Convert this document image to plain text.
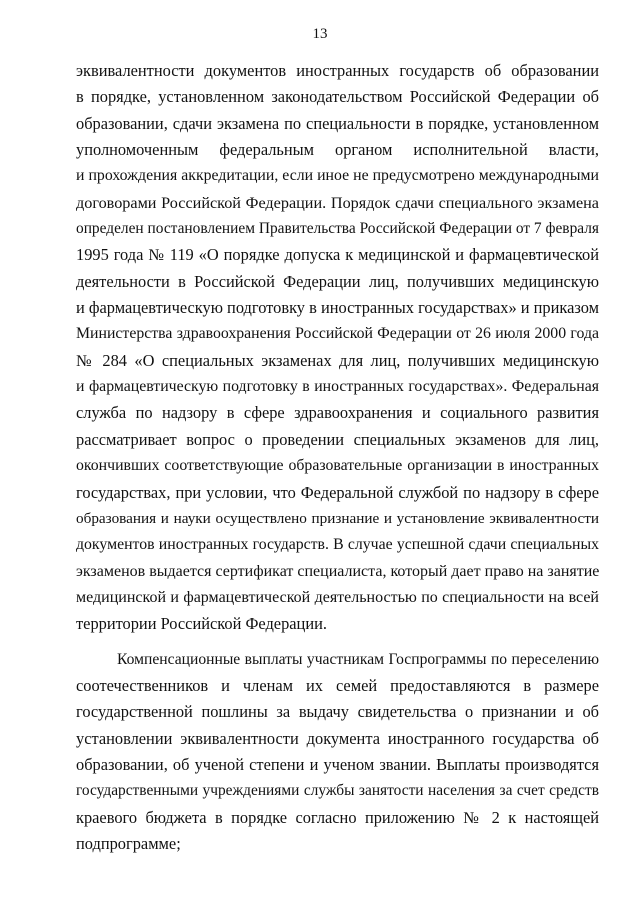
13
эквивалентности документов иностранных государств об образовании
в порядке, установленном законодательством Российской Федерации об
образовании, сдачи экзамена по специальности в порядке, установленном
уполномоченным федеральным органом исполнительной власти,
и прохождения аккредитации, если иное не предусмотрено международными
договорами Российской Федерации. Порядок сдачи специального экзамена
определен постановлением Правительства Российской Федерации от 7 февраля
1995 года № 119 «О порядке допуска к медицинской и фармацевтической
деятельности в Российской Федерации лиц, получивших медицинскую
и фармацевтическую подготовку в иностранных государствах» и приказом
Министерства здравоохранения Российской Федерации от 26 июля 2000 года
№ 284 «О специальных экзаменах для лиц, получивших медицинскую
и фармацевтическую подготовку в иностранных государствах». Федеральная
служба по надзору в сфере здравоохранения и социального развития
рассматривает вопрос о проведении специальных экзаменов для лиц,
окончивших соответствующие образовательные организации в иностранных
государствах, при условии, что Федеральной службой по надзору в сфере
образования и науки осуществлено признание и установление эквивалентности
документов иностранных государств. В случае успешной сдачи специальных
экзаменов выдается сертификат специалиста, который дает право на занятие
медицинской и фармацевтической деятельностью по специальности на всей
территории Российской Федерации.
Компенсационные выплаты участникам Госпрограммы по переселению
соотечественников и членам их семей предоставляются в размере
государственной пошлины за выдачу свидетельства о признании и об
установлении эквивалентности документа иностранного государства об
образовании, об ученой степени и ученом звании. Выплаты производятся
государственными учреждениями службы занятости населения за счет средств
краевого бюджета в порядке согласно приложению № 2 к настоящей
подпрограмме;
